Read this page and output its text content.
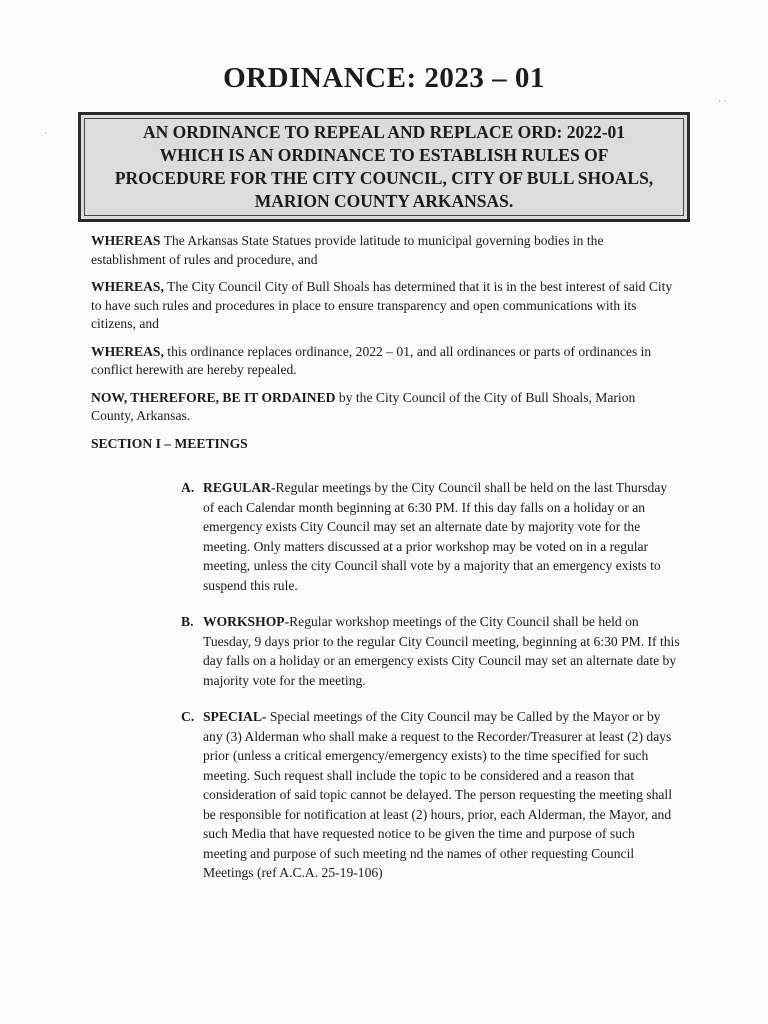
ORDINANCE: 2023 – 01
AN ORDINANCE TO REPEAL AND REPLACE ORD: 2022-01
WHICH IS AN ORDINANCE TO ESTABLISH RULES OF
PROCEDURE FOR THE CITY COUNCIL, CITY OF BULL SHOALS,
MARION COUNTY ARKANSAS.

WHEREAS The Arkansas State Statues provide latitude to municipal governing bodies in the establishment of rules and procedure, and

WHEREAS, The City Council City of Bull Shoals has determined that it is in the best interest of said City to have such rules and procedures in place to ensure transparency and open communications with its citizens, and

WHEREAS, this ordinance replaces ordinance, 2022 – 01, and all ordinances or parts of ordinances in conflict herewith are hereby repealed.

NOW, THEREFORE, BE IT ORDAINED by the City Council of the City of Bull Shoals, Marion County, Arkansas.

SECTION I – MEETINGS
A. REGULAR-Regular meetings by the City Council shall be held on the last Thursday of each Calendar month beginning at 6:30 PM. If this day falls on a holiday or an emergency exists City Council may set an alternate date by majority vote for the meeting. Only matters discussed at a prior workshop may be voted on in a regular meeting, unless the city Council shall vote by a majority that an emergency exists to suspend this rule.
B. WORKSHOP-Regular workshop meetings of the City Council shall be held on Tuesday, 9 days prior to the regular City Council meeting, beginning at 6:30 PM. If this day falls on a holiday or an emergency exists City Council may set an alternate date by majority vote for the meeting.
C. SPECIAL- Special meetings of the City Council may be Called by the Mayor or by any (3) Alderman who shall make a request to the Recorder/Treasurer at least (2) days prior (unless a critical emergency/emergency exists) to the time specified for such meeting. Such request shall include the topic to be considered and a reason that consideration of said topic cannot be delayed. The person requesting the meeting shall be responsible for notification at least (2) hours, prior, each Alderman, the Mayor, and such Media that have requested notice to be given the time and purpose of such meeting and purpose of such meeting nd the names of other requesting Council Meetings (ref A.C.A. 25-19-106)
· ·
·
